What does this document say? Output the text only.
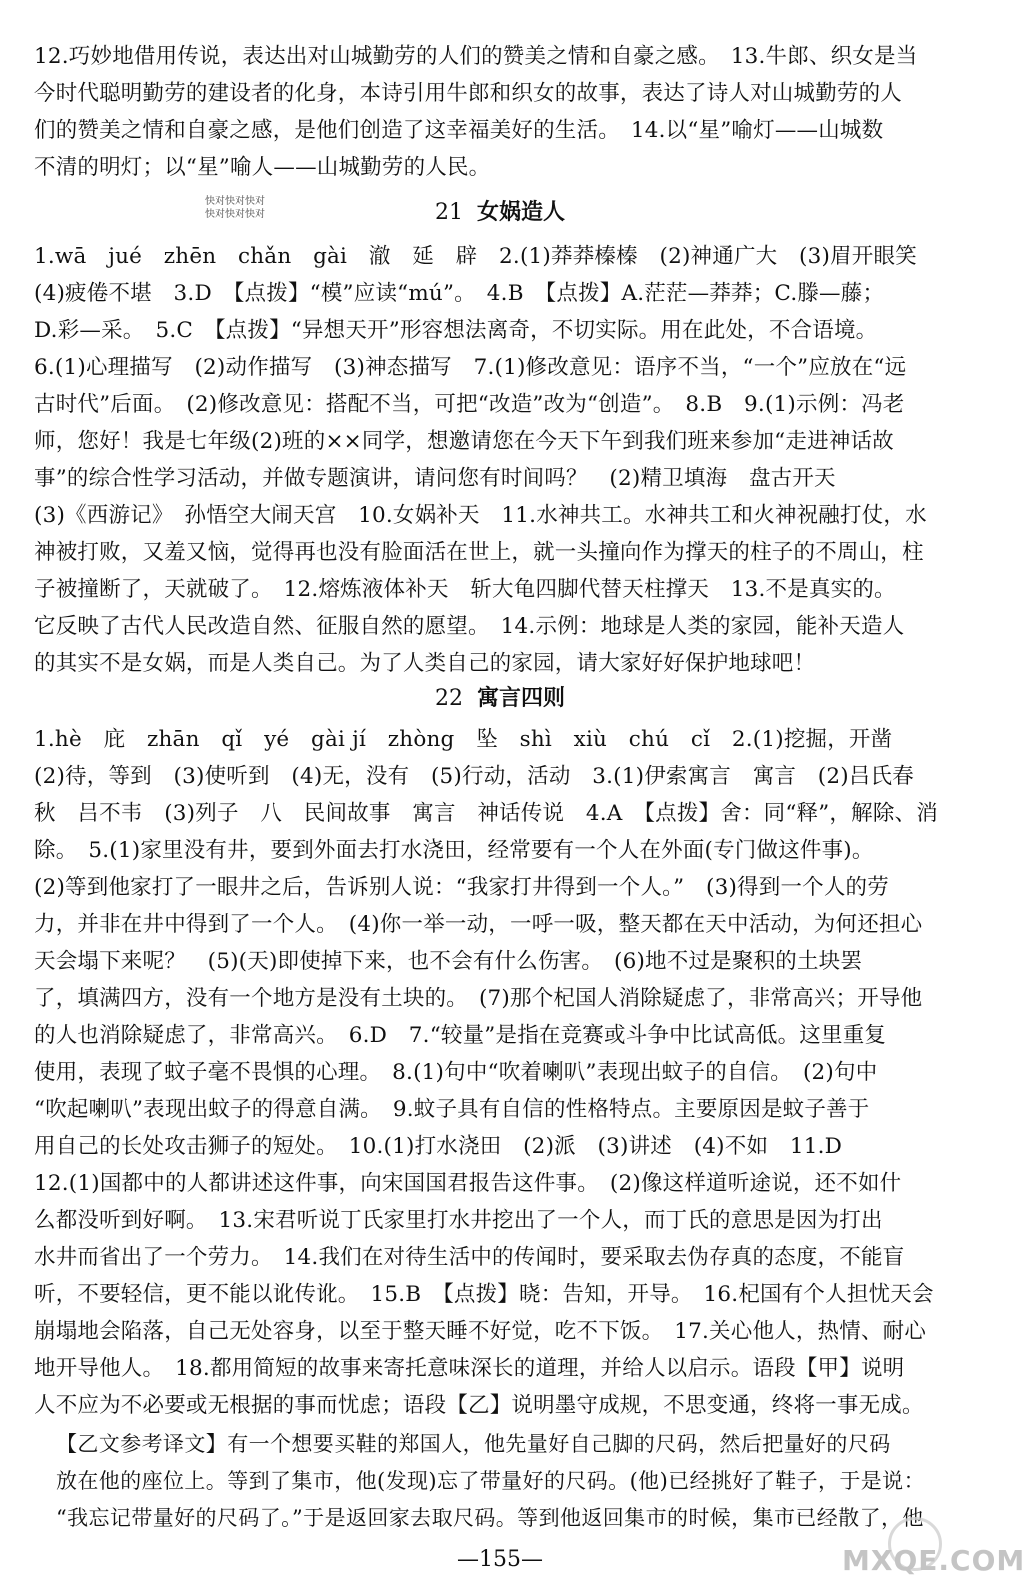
12.巧妙地借用传说，表达出对山城勤劳的人们的赞美之情和自豪之感。　13.牛郎、织女是当
今时代聪明勤劳的建设者的化身，本诗引用牛郎和织女的故事，表达了诗人对山城勤劳的人
们的赞美之情和自豪之感，是他们创造了这幸福美好的生活。　14.以“星”喻灯——山城数
不清的明灯；以“星”喻人——山城勤劳的人民。
21 女娲造人
快对快对快对
快对快对快对
1.wā　jué　zhēn　chǎn　gài　澈　延　辟　2.(1)莽莽榛榛　(2)神通广大　(3)眉开眼笑
(4)疲倦不堪　3.D　【点拨】“模”应读“mú”。　4.B　【点拨】A.茫茫—莽莽；C.滕—藤；
D.彩—采。　5.C　【点拨】“异想天开”形容想法离奇，不切实际。用在此处，不合语境。
6.(1)心理描写　(2)动作描写　(3)神态描写　7.(1)修改意见：语序不当，“一个”应放在“远
古时代”后面。　(2)修改意见：搭配不当，可把“改造”改为“创造”。　8.B　9.(1)示例：冯老
师，您好！我是七年级(2)班的××同学，想邀请您在今天下午到我们班来参加“走进神话故
事”的综合性学习活动，并做专题演讲，请问您有时间吗？　(2)精卫填海　盘古开天
(3)《西游记》　孙悟空大闹天宫　10.女娲补天　11.水神共工。水神共工和火神祝融打仗，水
神被打败，又羞又恼，觉得再也没有脸面活在世上，就一头撞向作为撑天的柱子的不周山，柱
子被撞断了，天就破了。　12.熔炼液体补天　斩大龟四脚代替天柱撑天　13.不是真实的。
它反映了古代人民改造自然、征服自然的愿望。　14.示例：地球是人类的家园，能补天造人
的其实不是女娲，而是人类自己。为了人类自己的家园，请大家好好保护地球吧！
22 寓言四则
1.hè　庇　zhān　qǐ　yé　gài jí　zhòng　坠　shì　xiù　chú　cǐ　2.(1)挖掘，开凿
(2)待，等到　(3)使听到　(4)无，没有　(5)行动，活动　3.(1)伊索寓言　寓言　(2)吕氏春
秋　吕不韦　(3)列子　八　民间故事　寓言　神话传说　4.A　【点拨】舍：同“释”，解除、消
除。　5.(1)家里没有井，要到外面去打水浇田，经常要有一个人在外面(专门做这件事)。
(2)等到他家打了一眼井之后，告诉别人说：“我家打井得到一个人。”　(3)得到一个人的劳
力，并非在井中得到了一个人。　(4)你一举一动，一呼一吸，整天都在天中活动，为何还担心
天会塌下来呢？　(5)(天)即使掉下来，也不会有什么伤害。　(6)地不过是聚积的土块罢
了，填满四方，没有一个地方是没有土块的。　(7)那个杞国人消除疑虑了，非常高兴；开导他
的人也消除疑虑了，非常高兴。　6.D　7.“较量”是指在竞赛或斗争中比试高低。这里重复
使用，表现了蚊子毫不畏惧的心理。　8.(1)句中“吹着喇叭”表现出蚊子的自信。　(2)句中
“吹起喇叭”表现出蚊子的得意自满。　9.蚊子具有自信的性格特点。主要原因是蚊子善于
用自己的长处攻击狮子的短处。　10.(1)打水浇田　(2)派　(3)讲述　(4)不如　11.D
12.(1)国都中的人都讲述这件事，向宋国国君报告这件事。　(2)像这样道听途说，还不如什
么都没听到好啊。　13.宋君听说丁氏家里打水井挖出了一个人，而丁氏的意思是因为打出
水井而省出了一个劳力。　14.我们在对待生活中的传闻时，要采取去伪存真的态度，不能盲
听，不要轻信，更不能以讹传讹。　15.B　【点拨】晓：告知，开导。　16.杞国有个人担忧天会
崩塌地会陷落，自己无处容身，以至于整天睡不好觉，吃不下饭。　17.关心他人，热情、耐心
地开导他人。　18.都用简短的故事来寄托意味深长的道理，并给人以启示。语段【甲】说明
人不应为不必要或无根据的事而忧虑；语段【乙】说明墨守成规，不思变通，终将一事无成。
【乙文参考译文】有一个想要买鞋的郑国人，他先量好自己脚的尺码，然后把量好的尺码
放在他的座位上。等到了集市，他(发现)忘了带量好的尺码。(他)已经挑好了鞋子，于是说：
“我忘记带量好的尺码了。”于是返回家去取尺码。等到他返回集市的时候，集市已经散了，他
—155—	MXQE.COM
